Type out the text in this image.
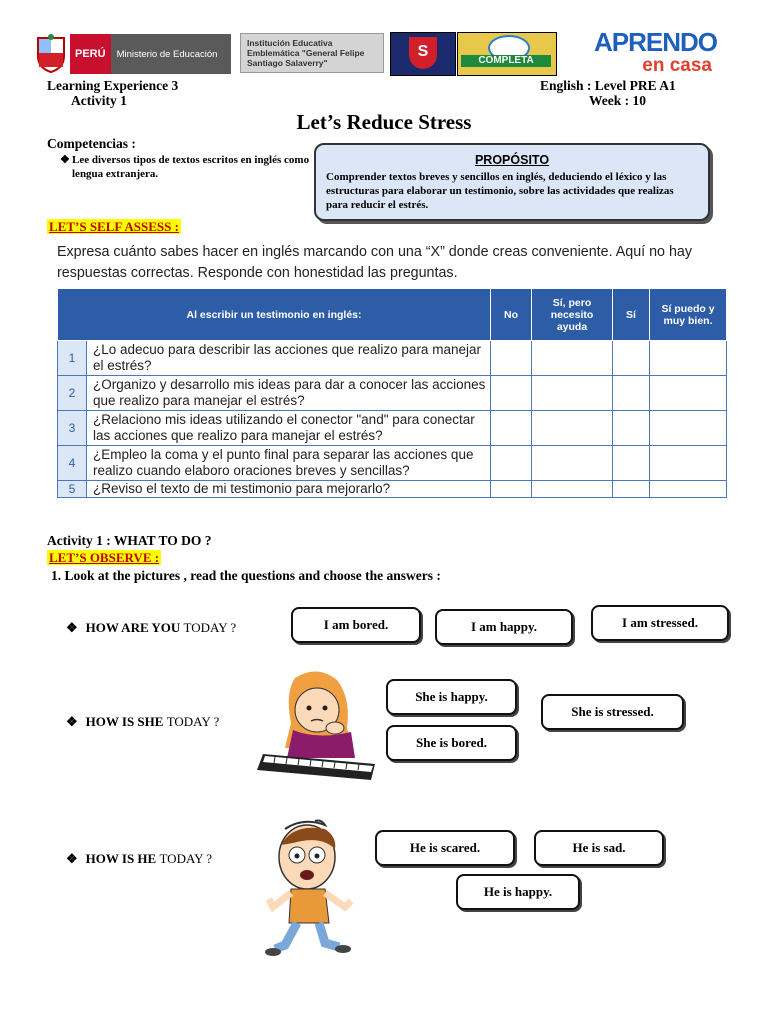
PERÚ	Ministerio de Educación
Institución Educativa Emblemática "General Felipe Santiago Salaverry"
S
COMPLETA
APRENDO
en casa
Learning Experience 3
Activity 1
English : Level PRE A1
Week : 10
Let’s Reduce Stress
Competencias :
❖ Lee diversos tipos de textos escritos en inglés como lengua extranjera.
PROPÓSITO
Comprender textos breves y sencillos en inglés, deduciendo el léxico y las estructuras para elaborar un testimonio, sobre las actividades que realizas para reducir el estrés.
LET’S SELF ASSESS :
Expresa cuánto sabes hacer en inglés marcando con una “X” donde creas conveniente. Aquí no hay respuestas correctas. Responde con honestidad las preguntas.
Al escribir un testimonio en inglés:		No	Sí, pero necesito ayuda	Sí	Sí puedo y muy bien.
1	¿Lo adecuo para describir las acciones que realizo para manejar el estrés?				
2	¿Organizo y desarrollo mis ideas para dar a conocer las acciones que realizo para manejar el estrés?				
3	¿Relaciono mis ideas utilizando el conector "and" para conectar las acciones que realizo para manejar el estrés?				
4	¿Empleo la coma y el punto final para separar las acciones que realizo cuando elaboro oraciones breves y sencillas?				
5	¿Reviso el texto de mi testimonio para mejorarlo?				
Activity 1 : WHAT TO DO ?
LET’S OBSERVE :
1. Look at the pictures , read the questions and choose the answers :
❖ HOW ARE YOU TODAY ?	I am bored.	I am happy.	I am stressed.
❖ HOW IS SHE TODAY ?
She is happy.
She is stressed.
She is bored.
❖ HOW IS HE TODAY ?
He is scared.	He is sad.
He is happy.
